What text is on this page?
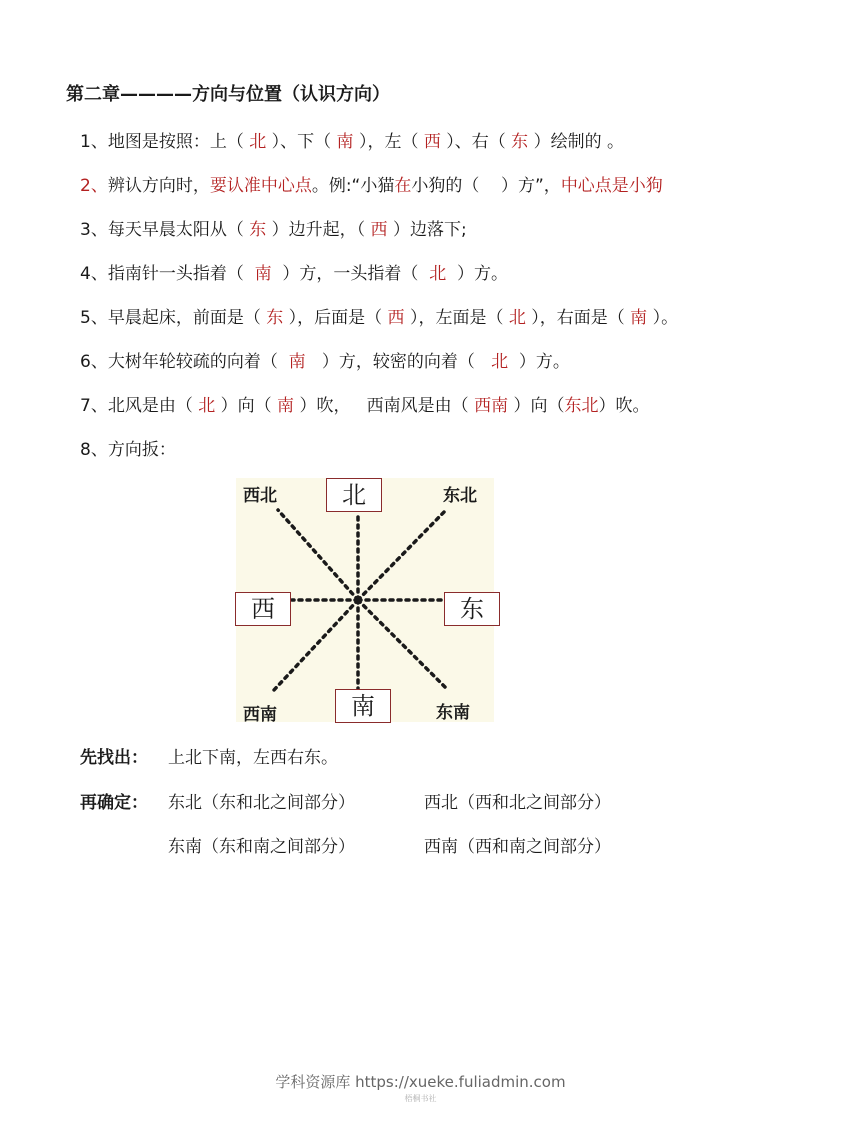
第二章————方向与位置（认识方向）
1、地图是按照：上（ 北 ）、下（ 南 ），左（ 西 ）、右（ 东 ）绘制的 。
2、辨认方向时，要认准中心点。例:“小猫在小狗的（    ）方”，中心点是小狗
3、每天早晨太阳从（ 东 ）边升起，（ 西 ）边落下;
4、指南针一头指着（  南  ）方，一头指着（  北  ）方。
5、早晨起床，前面是（ 东 ），后面是（ 西 ），左面是（ 北 ），右面是（ 南 ）。
6、大树年轮较疏的向着（  南   ）方，较密的向着（   北  ）方。
7、北风是由（ 北 ）向（ 南 ）吹，   西南风是由（ 西南 ）向（东北）吹。
8、方向扳：
北
南
西	东
西北	东北
西南	东南
先找出： 上北下南，左西右东。
再确定： 东北（东和北之间部分）	西北（西和北之间部分）
东南（东和南之间部分）	西南（西和南之间部分）
学科资源库 https://xueke.fuliadmin.com
梧桐书社
